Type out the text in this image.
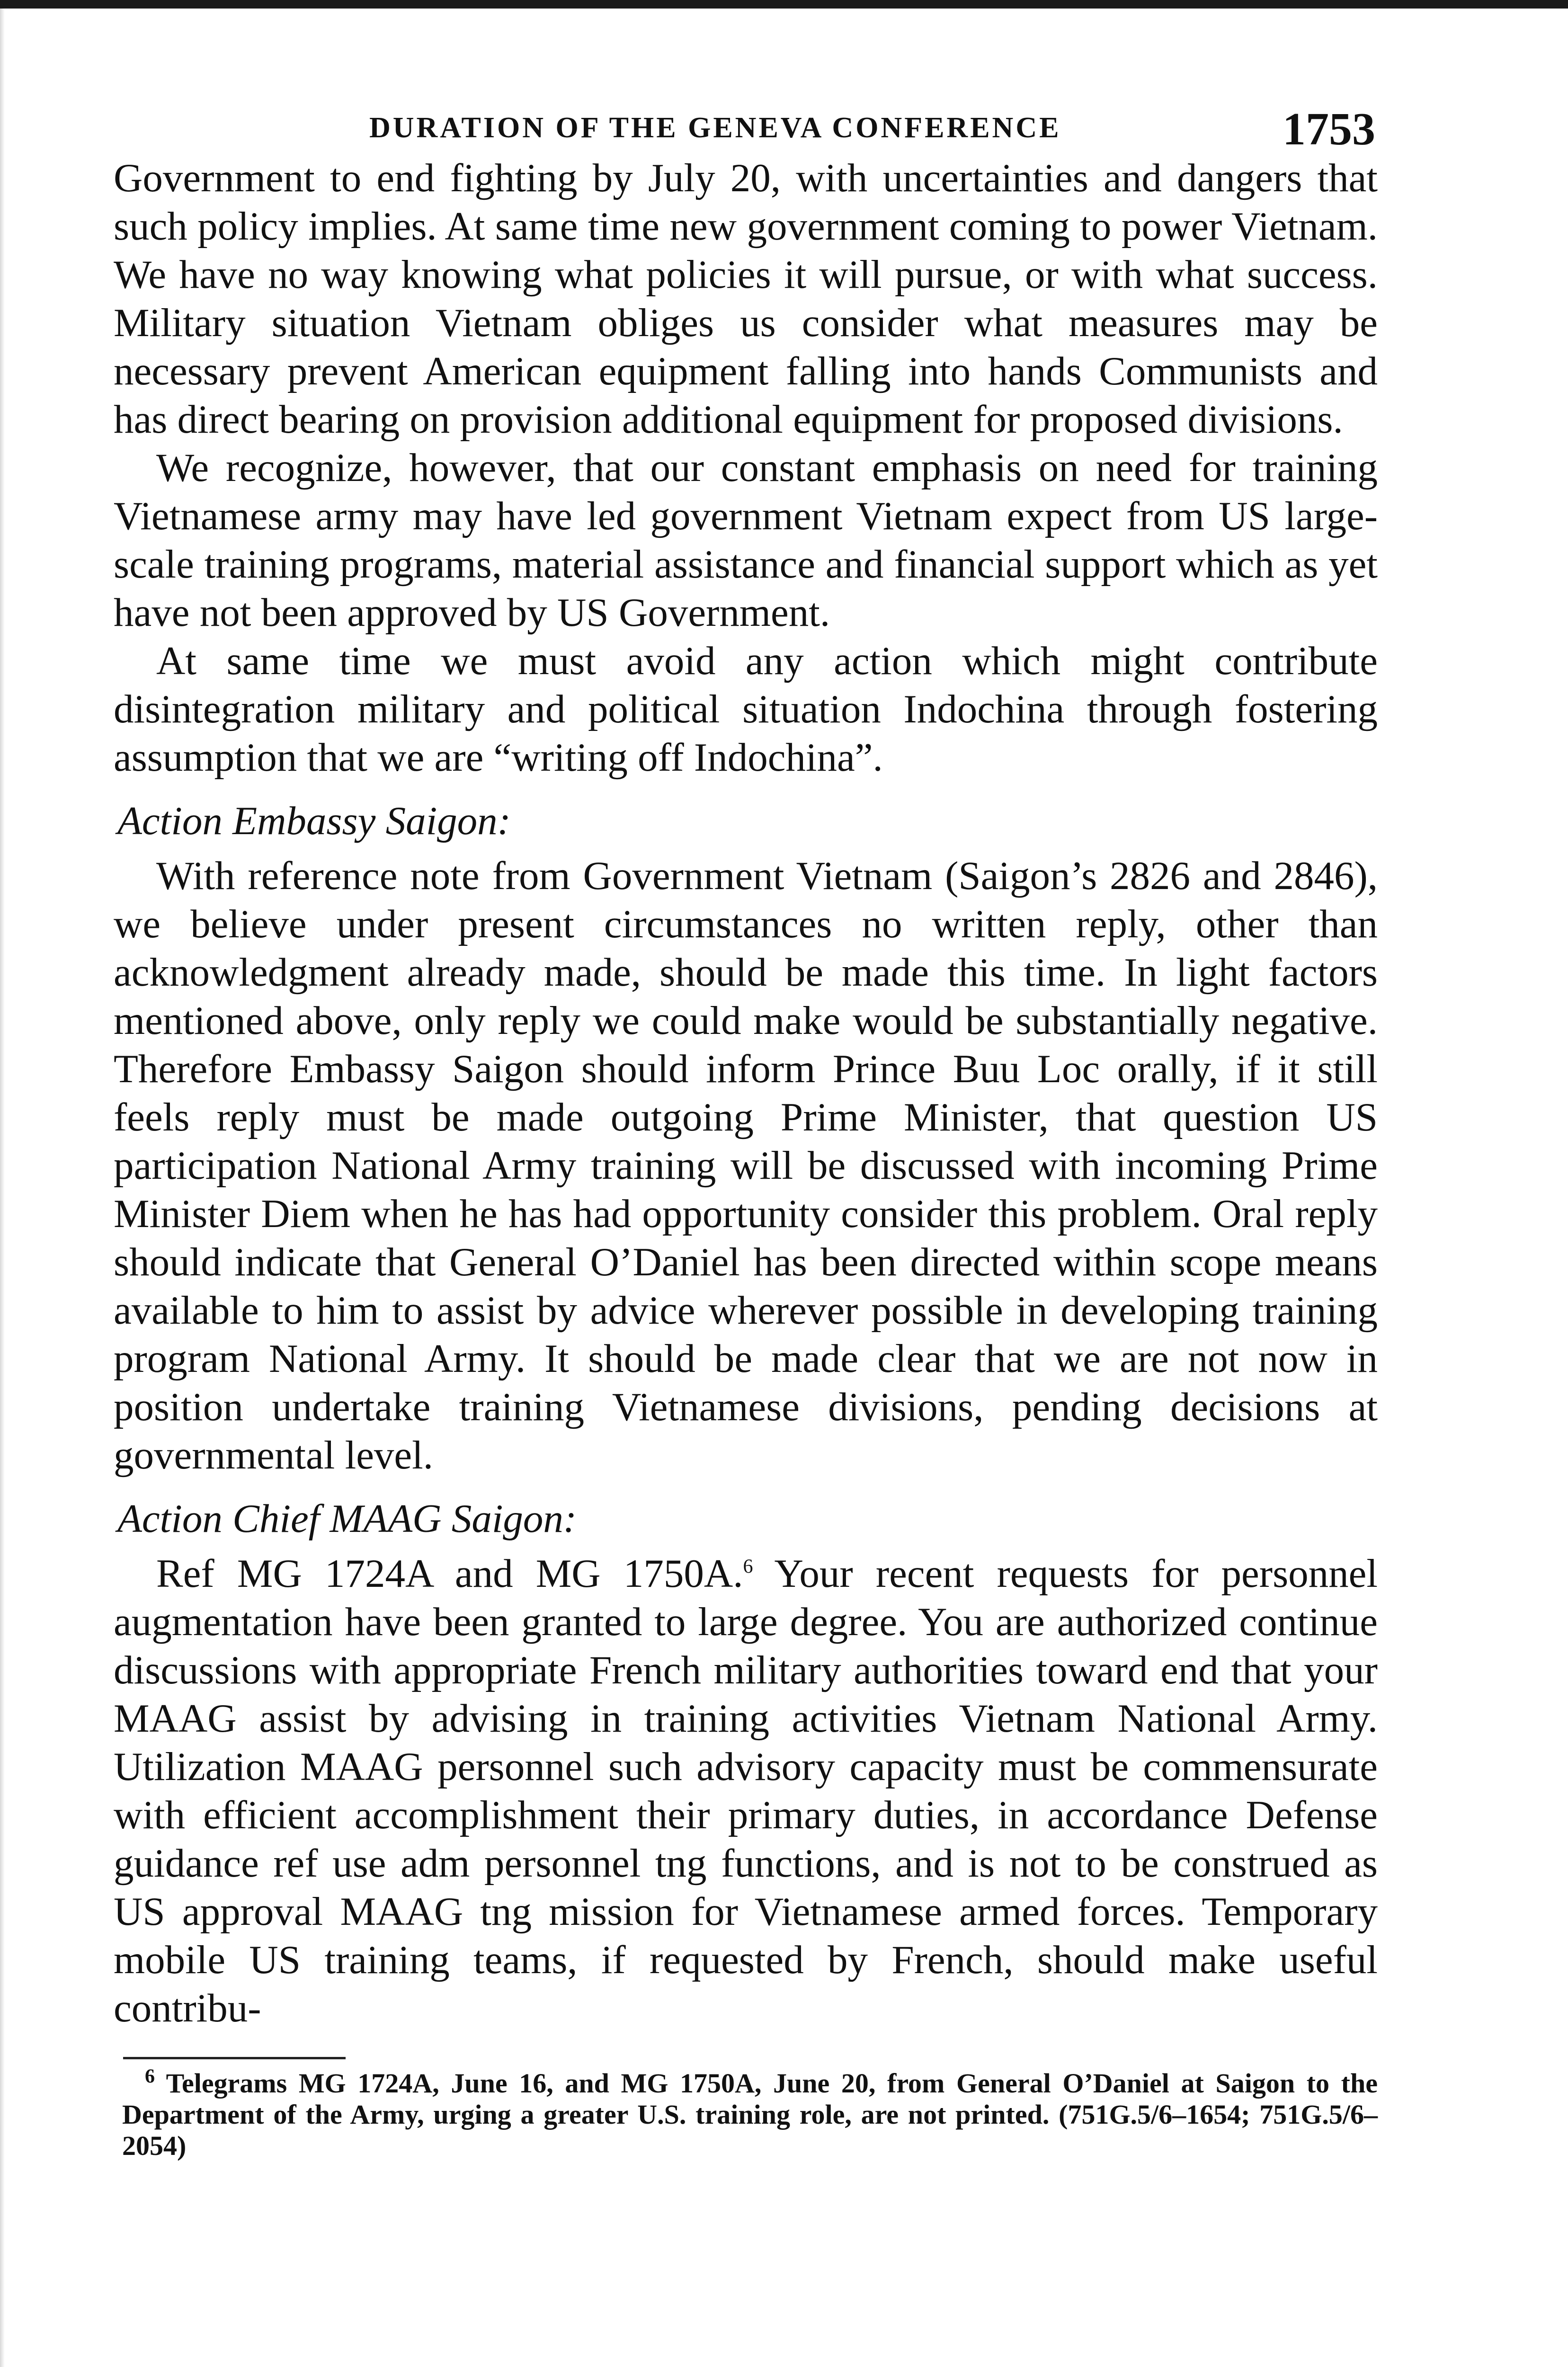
DURATION OF THE GENEVA CONFERENCE	1753

Government to end fighting by July 20, with uncertainties and dangers that such policy implies. At same time new government coming to power Vietnam. We have no way knowing what policies it will pursue, or with what success. Military situation Vietnam obliges us consider what measures may be necessary prevent American equipment falling into hands Communists and has direct bearing on provision additional equipment for proposed divisions.

We recognize, however, that our constant emphasis on need for training Vietnamese army may have led government Vietnam expect from US large-scale training programs, material assistance and financial support which as yet have not been approved by US Government.

At same time we must avoid any action which might contribute disintegration military and political situation Indochina through fostering assumption that we are “writing off Indochina”.

Action Embassy Saigon:

With reference note from Government Vietnam (Saigon’s 2826 and 2846), we believe under present circumstances no written reply, other than acknowledgment already made, should be made this time. In light factors mentioned above, only reply we could make would be substantially negative. Therefore Embassy Saigon should inform Prince Buu Loc orally, if it still feels reply must be made outgoing Prime Minister, that question US participation National Army training will be discussed with incoming Prime Minister Diem when he has had opportunity consider this problem. Oral reply should indicate that General O’Daniel has been directed within scope means available to him to assist by advice wherever possible in developing training program National Army. It should be made clear that we are not now in position undertake training Vietnamese divisions, pending decisions at governmental level.

Action Chief MAAG Saigon:

Ref MG 1724A and MG 1750A.$^6$ Your recent requests for personnel augmentation have been granted to large degree. You are authorized continue discussions with appropriate French military authorities toward end that your MAAG assist by advising in training activities Vietnam National Army. Utilization MAAG personnel such advisory capacity must be commensurate with efficient accomplishment their primary duties, in accordance Defense guidance ref use adm personnel tng functions, and is not to be construed as US approval MAAG tng mission for Vietnamese armed forces. Temporary mobile US training teams, if requested by French, should make useful contribu-

$^6$ Telegrams MG 1724A, June 16, and MG 1750A, June 20, from General O’Daniel at Saigon to the Department of the Army, urging a greater U.S. training role, are not printed. (751G.5/6–1654; 751G.5/6–2054)
